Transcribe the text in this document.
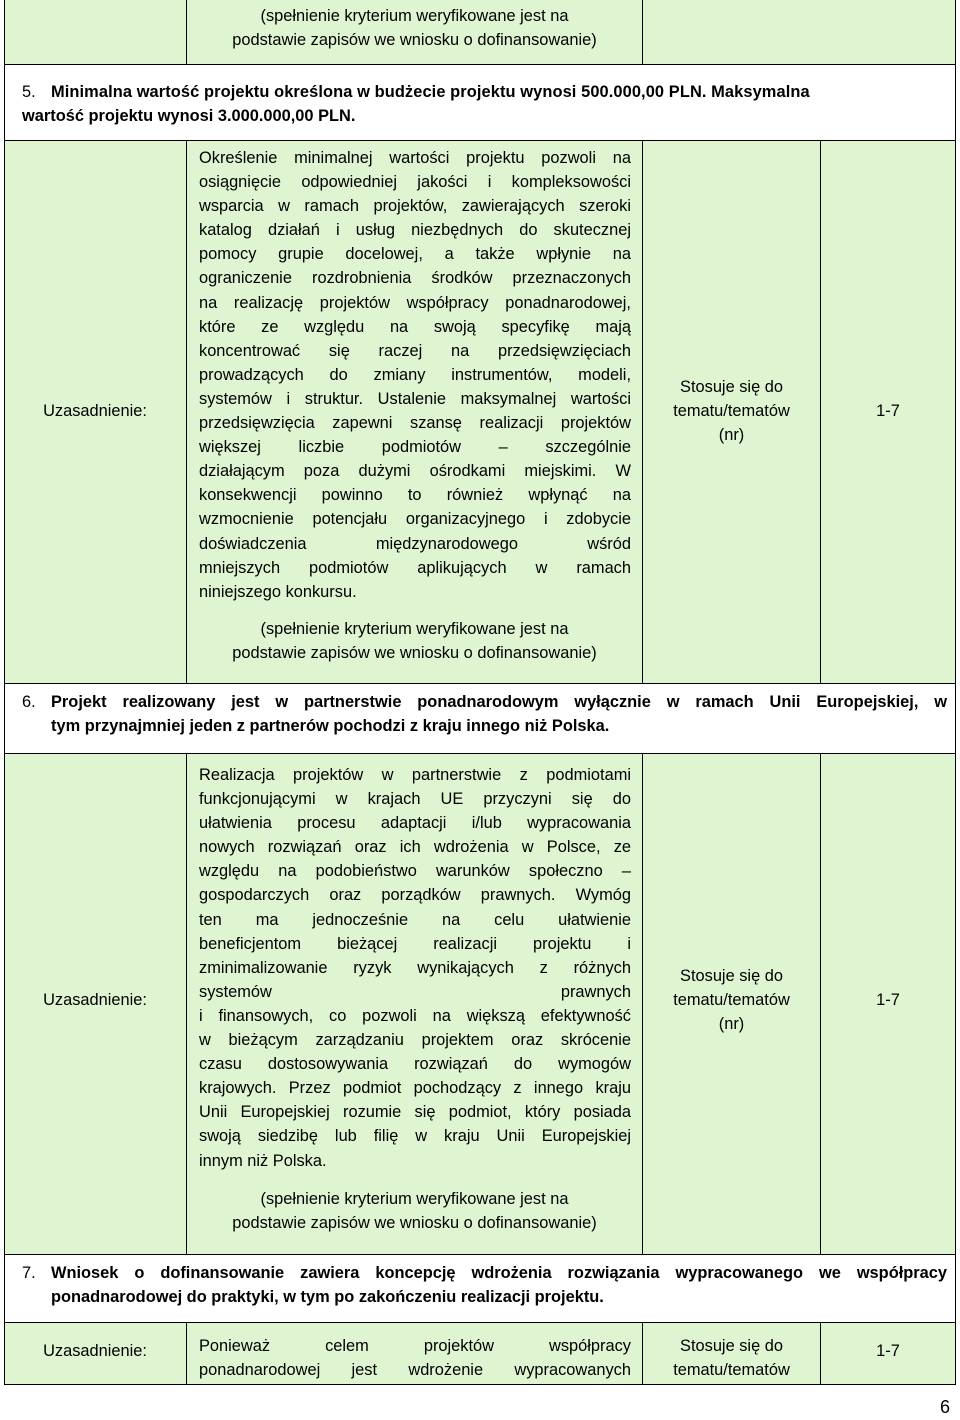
(spełnienie kryterium weryfikowane jest na
podstawie zapisów we wniosku o dofinansowanie)
5. Minimalna wartość projektu określona w budżecie projektu wynosi 500.000,00 PLN. Maksymalna
wartość projektu wynosi 3.000.000,00 PLN.
Uzasadnienie:
Określenie minimalnej wartości projektu pozwoli na
osiągnięcie odpowiedniej jakości i kompleksowości
wsparcia w ramach projektów, zawierających szeroki
katalog działań i usług niezbędnych do skutecznej
pomocy grupie docelowej, a także wpłynie na
ograniczenie rozdrobnienia środków przeznaczonych
na realizację projektów współpracy ponadnarodowej,
które ze względu na swoją specyfikę mają
koncentrować się raczej na przedsięwzięciach
prowadzących do zmiany instrumentów, modeli,
systemów i struktur. Ustalenie maksymalnej wartości
przedsięwzięcia zapewni szansę realizacji projektów
większej liczbie podmiotów – szczególnie
działającym poza dużymi ośrodkami miejskimi. W
konsekwencji powinno to również wpłynąć na
wzmocnienie potencjału organizacyjnego i zdobycie
doświadczenia międzynarodowego wśród
mniejszych podmiotów aplikujących w ramach
niniejszego konkursu.
(spełnienie kryterium weryfikowane jest na
podstawie zapisów we wniosku o dofinansowanie)
Stosuje się do
tematu/tematów
(nr)
1-7
6. Projekt realizowany jest w partnerstwie ponadnarodowym wyłącznie w ramach Unii Europejskiej, w
tym przynajmniej jeden z partnerów pochodzi z kraju innego niż Polska.
Uzasadnienie:
Realizacja projektów w partnerstwie z podmiotami
funkcjonującymi w krajach UE przyczyni się do
ułatwienia procesu adaptacji i/lub wypracowania
nowych rozwiązań oraz ich wdrożenia w Polsce, ze
względu na podobieństwo warunków społeczno –
gospodarczych oraz porządków prawnych. Wymóg
ten ma jednocześnie na celu ułatwienie
beneficjentom bieżącej realizacji projektu i
zminimalizowanie ryzyk wynikających z różnych
systemów prawnych
i finansowych, co pozwoli na większą efektywność
w bieżącym zarządzaniu projektem oraz skrócenie
czasu dostosowywania rozwiązań do wymogów
krajowych. Przez podmiot pochodzący z innego kraju
Unii Europejskiej rozumie się podmiot, który posiada
swoją siedzibę lub filię w kraju Unii Europejskiej
innym niż Polska.
(spełnienie kryterium weryfikowane jest na
podstawie zapisów we wniosku o dofinansowanie)
Stosuje się do
tematu/tematów
(nr)
1-7
7. Wniosek o dofinansowanie zawiera koncepcję wdrożenia rozwiązania wypracowanego we współpracy
ponadnarodowej do praktyki, w tym po zakończeniu realizacji projektu.
Uzasadnienie:	Ponieważ celem projektów współpracy
ponadnarodowej jest wdrożenie wypracowanych
Stosuje się do
tematu/tematów
1-7
6
